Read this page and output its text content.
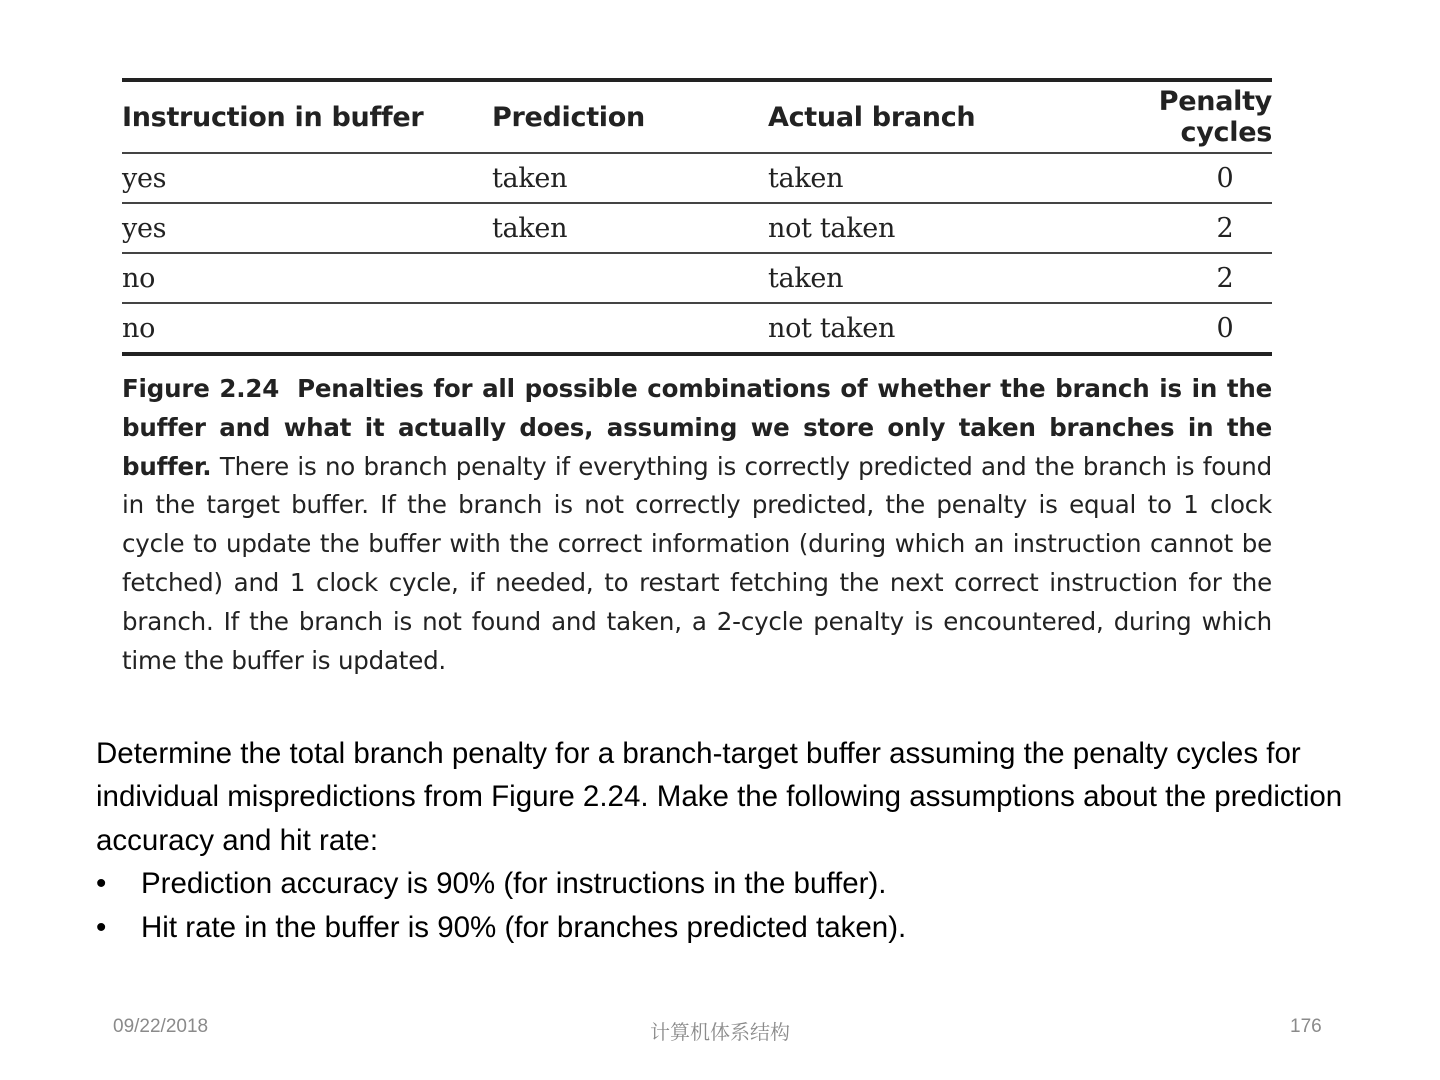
Instruction in buffer	Prediction	Actual branch	Penalty cycles
yes	taken	taken	0
yes	taken	not taken	2
no		taken	2
no		not taken	0
Figure 2.24 Penalties for all possible combinations of whether the branch is in the buffer and what it actually does, assuming we store only taken branches in the buffer. There is no branch penalty if everything is correctly predicted and the branch is found in the target buffer. If the branch is not correctly predicted, the penalty is equal to 1 clock cycle to update the buffer with the correct information (during which an instruction cannot be fetched) and 1 clock cycle, if needed, to restart fetching the next correct instruction for the branch. If the branch is not found and taken, a 2-cycle penalty is encountered, during which time the buffer is updated.

Determine the total branch penalty for a branch-target buffer assuming the penalty cycles for individual mispredictions from Figure 2.24. Make the following assumptions about the prediction accuracy and hit rate:

• Prediction accuracy is 90% (for instructions in the buffer).
• Hit rate in the buffer is 90% (for branches predicted taken).
09/22/2018	计算机体系结构	176
